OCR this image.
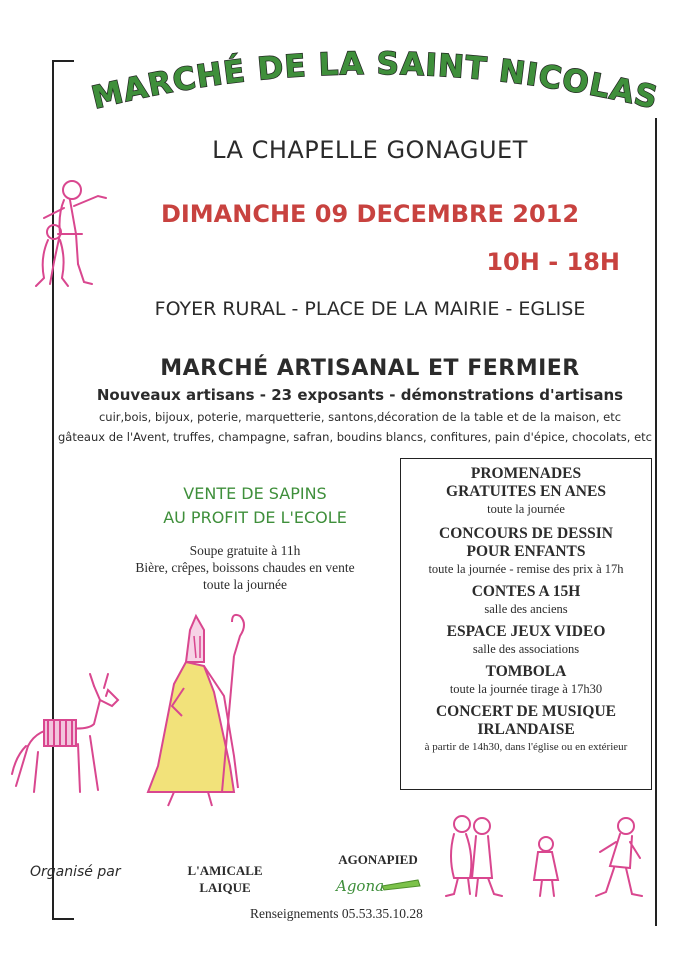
MARCHÉ DE LA SAINT NICOLAS
LA CHAPELLE GONAGUET
DIMANCHE 09 DECEMBRE 2012
10H - 18H
FOYER RURAL - PLACE DE LA MAIRIE - EGLISE
MARCHÉ ARTISANAL ET FERMIER
Nouveaux artisans - 23 exposants - démonstrations d'artisans
cuir,bois, bijoux, poterie, marquetterie, santons,décoration de la table et de la maison, etc
gâteaux de l'Avent, truffes, champagne, safran, boudins blancs, confitures, pain d'épice, chocolats, etc
VENTE DE SAPINS
AU PROFIT DE L'ECOLE
Soupe gratuite à 11h
Bière, crêpes, boissons chaudes en vente
toute la journée
PROMENADES
GRATUITES EN ANES
toute la journée
CONCOURS DE DESSIN
POUR ENFANTS
toute la journée - remise des prix à 17h
CONTES A 15H
salle des anciens
ESPACE JEUX VIDEO
salle des associations
TOMBOLA
toute la journée tirage à 17h30
CONCERT DE MUSIQUE
IRLANDAISE
à partir de 14h30, dans l'église ou en extérieur
Organisé par	L'AMICALE
LAIQUE
AGONAPIED
Agona
Renseignements 05.53.35.10.28
